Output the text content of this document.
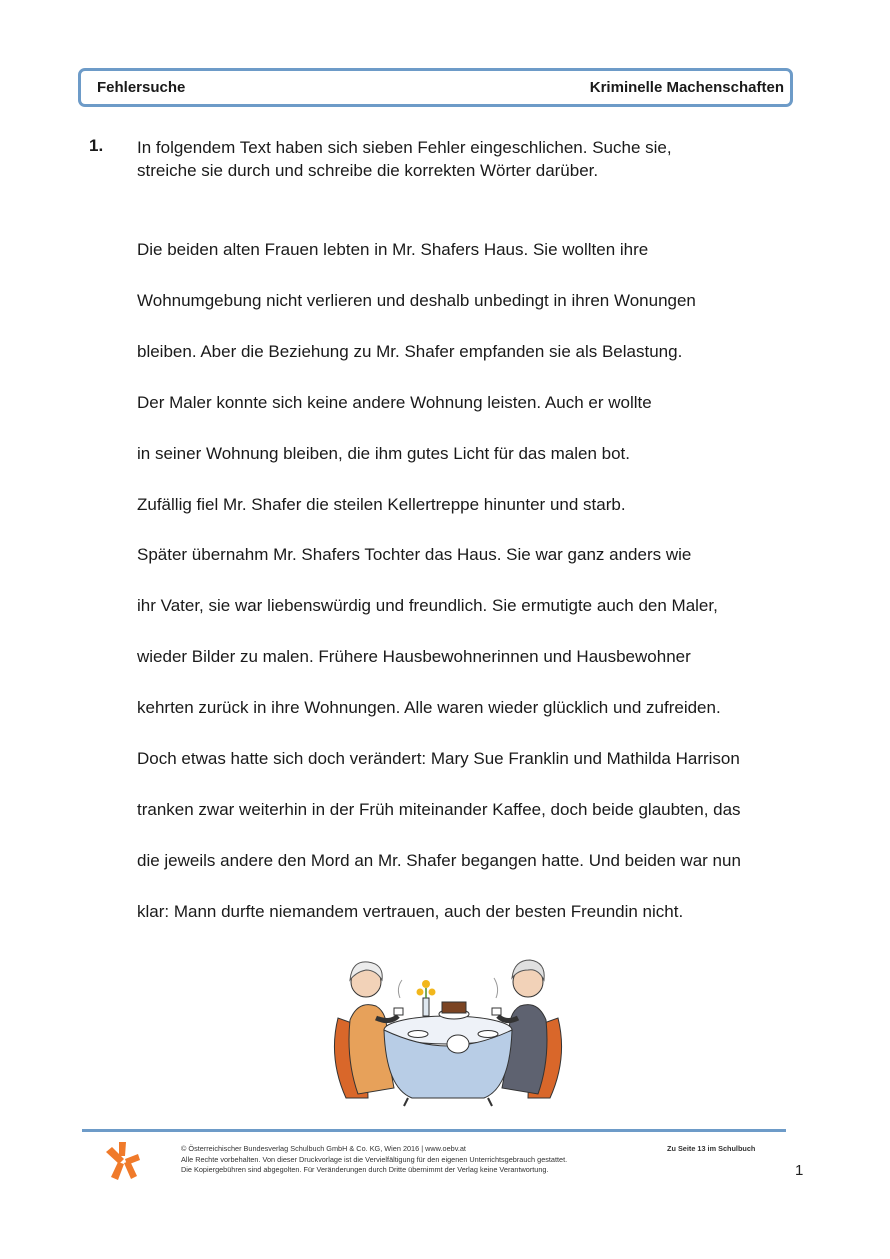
Fehlersuche	Kriminelle Machenschaften
1. In folgendem Text haben sich sieben Fehler eingeschlichen. Suche sie,
streiche sie durch und schreibe die korrekten Wörter darüber.
Die beiden alten Frauen lebten in Mr. Shafers Haus. Sie wollten ihre
Wohnumgebung nicht verlieren und deshalb unbedingt in ihren Wonungen
bleiben. Aber die Beziehung zu Mr. Shafer empfanden sie als Belastung.
Der Maler konnte sich keine andere Wohnung leisten. Auch er wollte
in seiner Wohnung bleiben, die ihm gutes Licht für das malen bot.
Zufällig fiel Mr. Shafer die steilen Kellertreppe hinunter und starb.
Später übernahm Mr. Shafers Tochter das Haus. Sie war ganz anders wie
ihr Vater, sie war liebenswürdig und freundlich. Sie ermutigte auch den Maler,
wieder Bilder zu malen. Frühere Hausbewohnerinnen und Hausbewohner
kehrten zurück in ihre Wohnungen. Alle waren wieder glücklich und zufreiden.
Doch etwas hatte sich doch verändert: Mary Sue Franklin und Mathilda Harrison
tranken zwar weiterhin in der Früh miteinander Kaffee, doch beide glaubten, das
die jeweils andere den Mord an Mr. Shafer begangen hatte. Und beiden war nun
klar: Mann durfte niemandem vertrauen, auch der besten Freundin nicht.
© Österreichischer Bundesverlag Schulbuch GmbH & Co. KG, Wien 2016 | www.oebv.at
Alle Rechte vorbehalten. Von dieser Druckvorlage ist die Vervielfältigung für den eigenen Unterrichtsgebrauch gestattet.
Die Kopiergebühren sind abgegolten. Für Veränderungen durch Dritte übernimmt der Verlag keine Verantwortung.
Zu Seite 13 im Schulbuch
1
